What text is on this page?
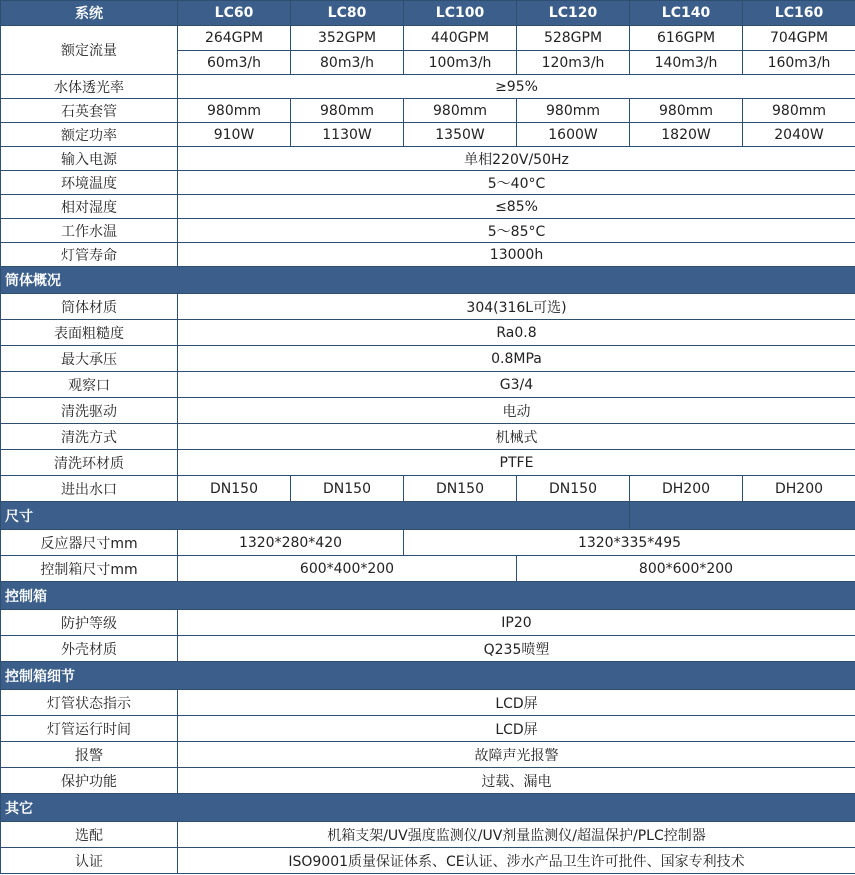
系统	LC60	LC80	LC100	LC120	LC140	LC160
额定流量	264GPM	352GPM	440GPM	528GPM	616GPM	704GPM
	60m3/h	80m3/h	100m3/h	120m3/h	140m3/h	160m3/h
水体透光率	≥95%					
石英套管	980mm	980mm	980mm	980mm	980mm	980mm
额定功率	910W	1130W	1350W	1600W	1820W	2040W
输入电源	单相220V/50Hz					
环境温度	5～40°C					
相对湿度	≤85%					
工作水温	5～85°C					
灯管寿命	13000h					
筒体概况						
筒体材质	304(316L可选)					
表面粗糙度	Ra0.8					
最大承压	0.8MPa					
观察口	G3/4					
清洗驱动	电动					
清洗方式	机械式					
清洗环材质	PTFE					
进出水口	DN150	DN150	DN150	DN150	DH200	DH200
尺寸						
反应器尺寸mm	1320*280*420		1320*335*495			
控制箱尺寸mm	600*400*200			800*600*200		
控制箱						
防护等级	IP20					
外壳材质	Q235喷塑					
控制箱细节						
灯管状态指示	LCD屏					
灯管运行时间	LCD屏					
报警	故障声光报警					
保护功能	过载、漏电					
其它						
选配	机箱支架/UV强度监测仪/UV剂量监测仪/超温保护/PLC控制器					
认证	ISO9001质量保证体系、CE认证、涉水产品卫生许可批件、国家专利技术					
